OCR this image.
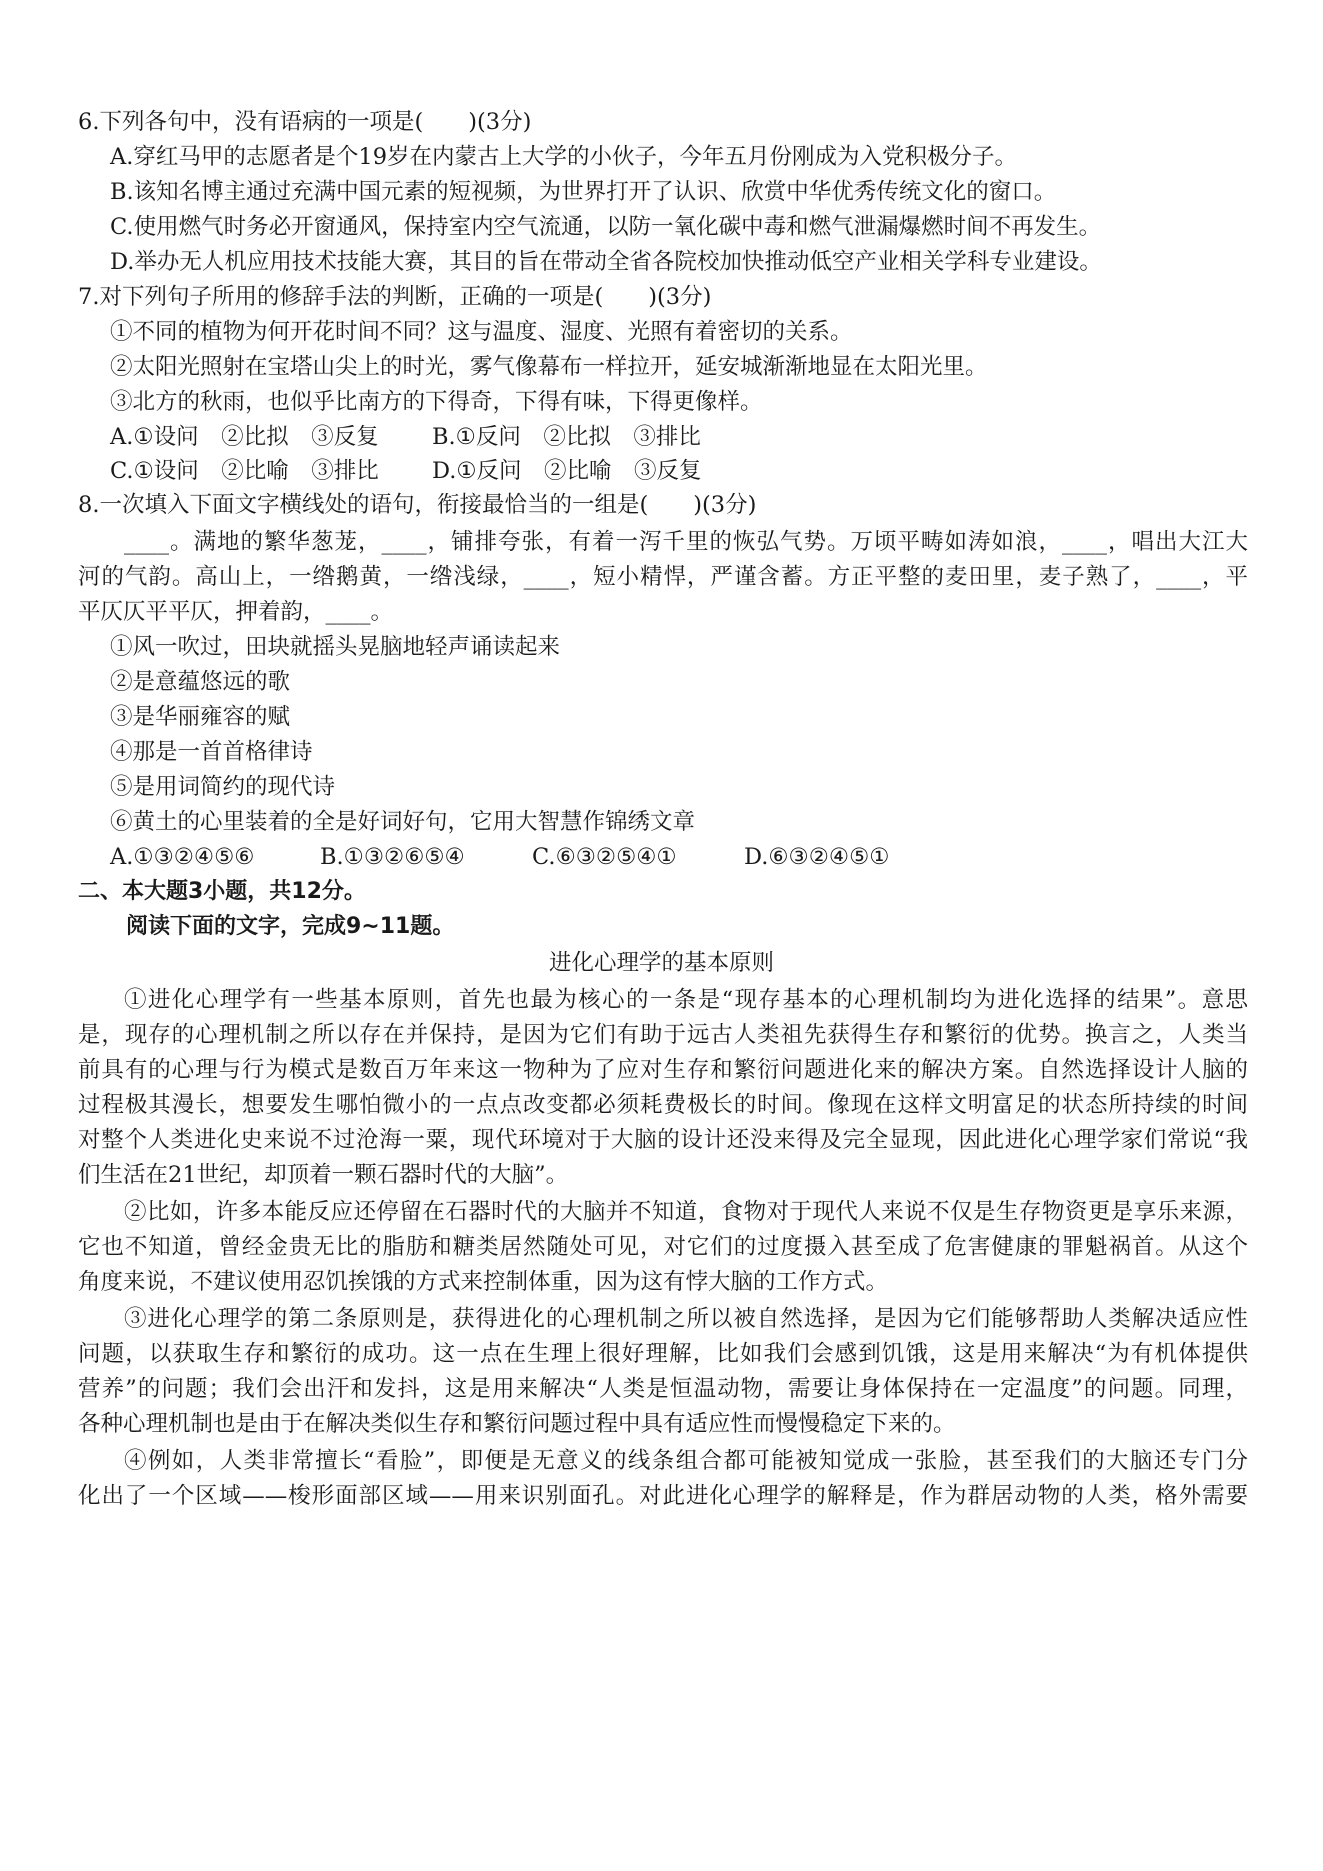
6.下列各句中，没有语病的一项是(　　)(3分)
A.穿红马甲的志愿者是个19岁在内蒙古上大学的小伙子，今年五月份刚成为入党积极分子。
B.该知名博主通过充满中国元素的短视频，为世界打开了认识、欣赏中华优秀传统文化的窗口。
C.使用燃气时务必开窗通风，保持室内空气流通，以防一氧化碳中毒和燃气泄漏爆燃时间不再发生。
D.举办无人机应用技术技能大赛，其目的旨在带动全省各院校加快推动低空产业相关学科专业建设。
7.对下列句子所用的修辞手法的判断，正确的一项是(　　)(3分)
①不同的植物为何开花时间不同？这与温度、湿度、光照有着密切的关系。
②太阳光照射在宝塔山尖上的时光，雾气像幕布一样拉开，延安城渐渐地显在太阳光里。
③北方的秋雨，也似乎比南方的下得奇，下得有味，下得更像样。
A.①设问　②比拟　③反复 B.①反问　②比拟　③排比
C.①设问　②比喻　③排比 D.①反问　②比喻　③反复
8.一次填入下面文字横线处的语句，衔接最恰当的一组是(　　)(3分)
____。满地的繁华葱茏，____，铺排夸张，有着一泻千里的恢弘气势。万顷平畴如涛如浪，____，唱出大江大
河的气韵。高山上，一绺鹅黄，一绺浅绿，____，短小精悍，严谨含蓄。方正平整的麦田里，麦子熟了，____，平
平仄仄平平仄，押着韵，____。
①风一吹过，田块就摇头晃脑地轻声诵读起来
②是意蕴悠远的歌
③是华丽雍容的赋
④那是一首首格律诗
⑤是用词简约的现代诗
⑥黄土的心里装着的全是好词好句，它用大智慧作锦绣文章
A.①③②④⑤⑥	B.①③②⑥⑤④	C.⑥③②⑤④①	D.⑥③②④⑤①
二、本大题3小题，共12分。
阅读下面的文字，完成9~11题。
进化心理学的基本原则
①进化心理学有一些基本原则，首先也最为核心的一条是“现存基本的心理机制均为进化选择的结果”。意思
是，现存的心理机制之所以存在并保持，是因为它们有助于远古人类祖先获得生存和繁衍的优势。换言之，人类当
前具有的心理与行为模式是数百万年来这一物种为了应对生存和繁衍问题进化来的解决方案。自然选择设计人脑的
过程极其漫长，想要发生哪怕微小的一点点改变都必须耗费极长的时间。像现在这样文明富足的状态所持续的时间
对整个人类进化史来说不过沧海一粟，现代环境对于大脑的设计还没来得及完全显现，因此进化心理学家们常说“我
们生活在21世纪，却顶着一颗石器时代的大脑”。
②比如，许多本能反应还停留在石器时代的大脑并不知道，食物对于现代人来说不仅是生存物资更是享乐来源，
它也不知道，曾经金贵无比的脂肪和糖类居然随处可见，对它们的过度摄入甚至成了危害健康的罪魁祸首。从这个
角度来说，不建议使用忍饥挨饿的方式来控制体重，因为这有悖大脑的工作方式。
③进化心理学的第二条原则是，获得进化的心理机制之所以被自然选择，是因为它们能够帮助人类解决适应性
问题，以获取生存和繁衍的成功。这一点在生理上很好理解，比如我们会感到饥饿，这是用来解决“为有机体提供
营养”的问题；我们会出汗和发抖，这是用来解决“人类是恒温动物，需要让身体保持在一定温度”的问题。同理，
各种心理机制也是由于在解决类似生存和繁衍问题过程中具有适应性而慢慢稳定下来的。
④例如，人类非常擅长“看脸”，即便是无意义的线条组合都可能被知觉成一张脸，甚至我们的大脑还专门分
化出了一个区域——梭形面部区域——用来识别面孔。对此进化心理学的解释是，作为群居动物的人类，格外需要
